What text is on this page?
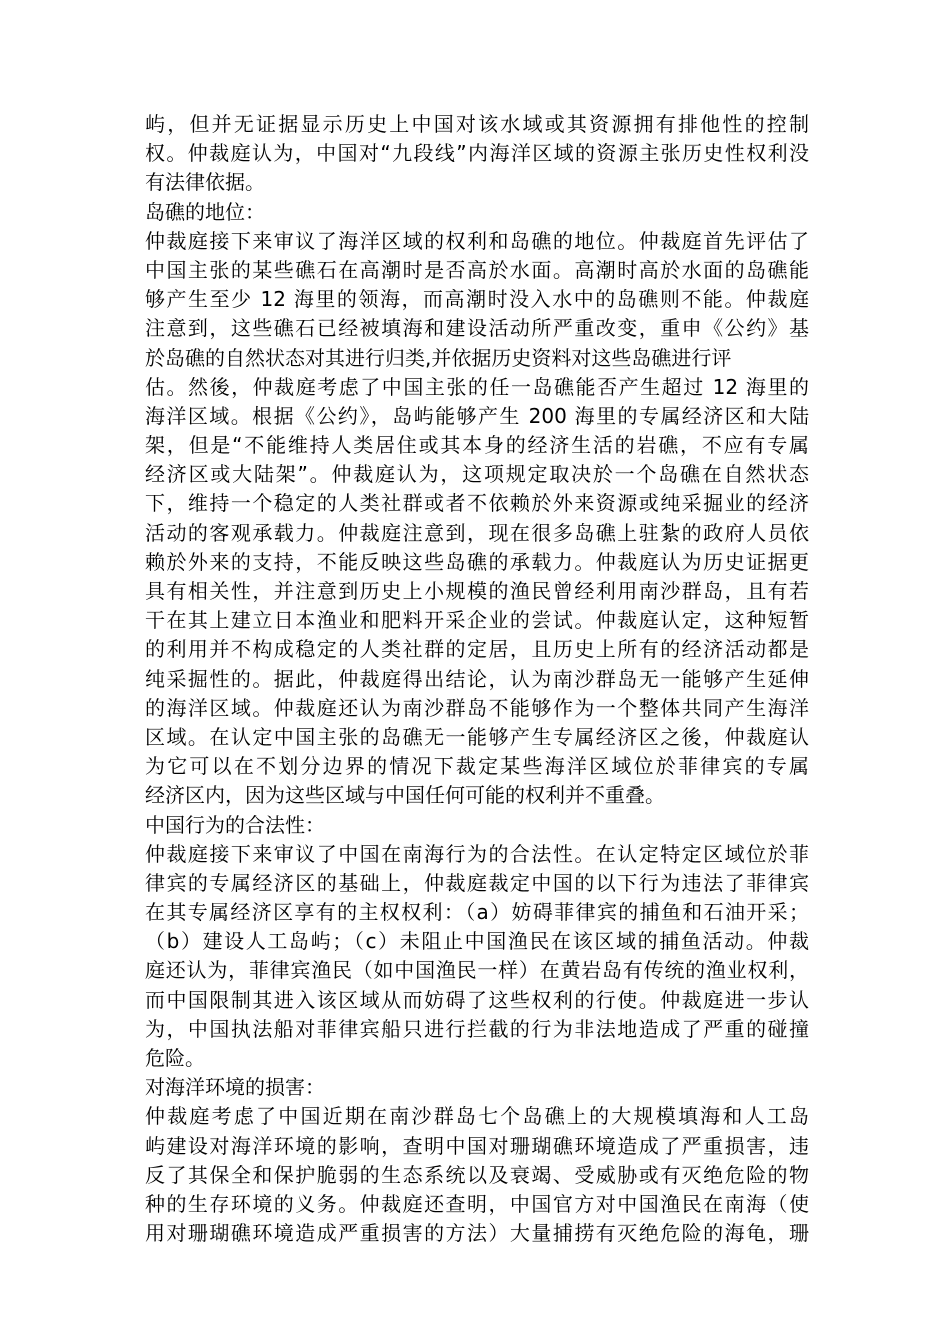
屿，但并无证据显示历史上中国对该水域或其资源拥有排他性的控制
权。仲裁庭认为，中国对“九段线”内海洋区域的资源主张历史性权利没
有法律依据。
岛礁的地位：
仲裁庭接下来审议了海洋区域的权利和岛礁的地位。仲裁庭首先评估了
中国主张的某些礁石在高潮时是否高於水面。高潮时高於水面的岛礁能
够产生至少 12 海里的领海，而高潮时没入水中的岛礁则不能。仲裁庭
注意到，这些礁石已经被填海和建设活动所严重改变，重申《公约》基
於岛礁的自然状态对其进行归类,并依据历史资料对这些岛礁进行评
估。然後，仲裁庭考虑了中国主张的任一岛礁能否产生超过 12 海里的
海洋区域。根据《公约》，岛屿能够产生 200 海里的专属经济区和大陆
架，但是“不能维持人类居住或其本身的经济生活的岩礁，不应有专属
经济区或大陆架”。仲裁庭认为，这项规定取决於一个岛礁在自然状态
下，维持一个稳定的人类社群或者不依赖於外来资源或纯采掘业的经济
活动的客观承载力。仲裁庭注意到，现在很多岛礁上驻紮的政府人员依
赖於外来的支持，不能反映这些岛礁的承载力。仲裁庭认为历史证据更
具有相关性，并注意到历史上小规模的渔民曾经利用南沙群岛，且有若
干在其上建立日本渔业和肥料开采企业的尝试。仲裁庭认定，这种短暂
的利用并不构成稳定的人类社群的定居，且历史上所有的经济活动都是
纯采掘性的。据此，仲裁庭得出结论，认为南沙群岛无一能够产生延伸
的海洋区域。仲裁庭还认为南沙群岛不能够作为一个整体共同产生海洋
区域。在认定中国主张的岛礁无一能够产生专属经济区之後，仲裁庭认
为它可以在不划分边界的情况下裁定某些海洋区域位於菲律宾的专属
经济区内，因为这些区域与中国任何可能的权利并不重叠。
中国行为的合法性：
仲裁庭接下来审议了中国在南海行为的合法性。在认定特定区域位於菲
律宾的专属经济区的基础上，仲裁庭裁定中国的以下行为违法了菲律宾
在其专属经济区享有的主权权利：（a）妨碍菲律宾的捕鱼和石油开采；
（b）建设人工岛屿；（c）未阻止中国渔民在该区域的捕鱼活动。仲裁
庭还认为，菲律宾渔民（如中国渔民一样）在黄岩岛有传统的渔业权利，
而中国限制其进入该区域从而妨碍了这些权利的行使。仲裁庭进一步认
为，中国执法船对菲律宾船只进行拦截的行为非法地造成了严重的碰撞
危险。
对海洋环境的损害：
仲裁庭考虑了中国近期在南沙群岛七个岛礁上的大规模填海和人工岛
屿建设对海洋环境的影响，查明中国对珊瑚礁环境造成了严重损害，违
反了其保全和保护脆弱的生态系统以及衰竭、受威胁或有灭绝危险的物
种的生存环境的义务。仲裁庭还查明，中国官方对中国渔民在南海（使
用对珊瑚礁环境造成严重损害的方法）大量捕捞有灭绝危险的海龟，珊
